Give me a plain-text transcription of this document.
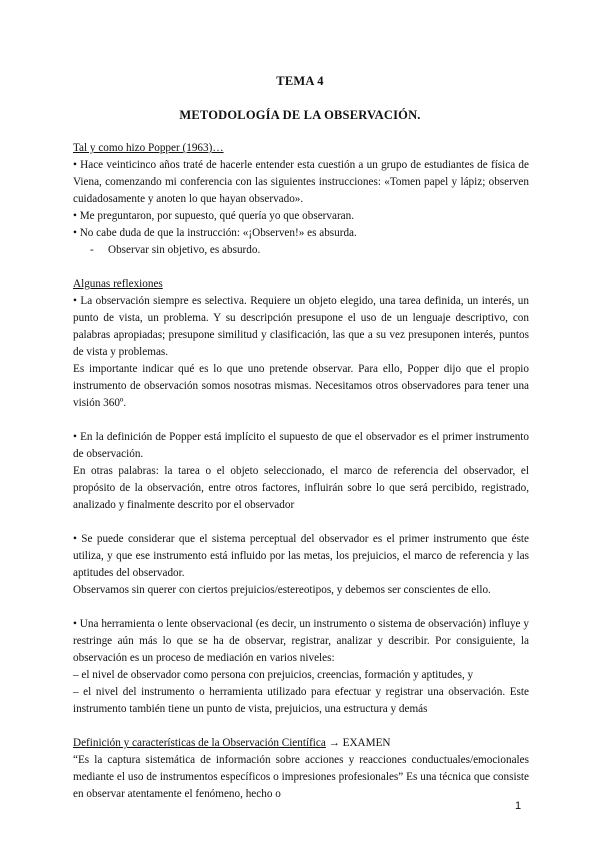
TEMA 4
METODOLOGÍA DE LA OBSERVACIÓN.

Tal y como hizo Popper (1963)…

• Hace veinticinco años traté de hacerle entender esta cuestión a un grupo de estudiantes de física de Viena, comenzando mi conferencia con las siguientes instrucciones: «Tomen papel y lápiz; observen cuidadosamente y anoten lo que hayan observado».

• Me preguntaron, por supuesto, qué quería yo que observaran.

• No cabe duda de que la instrucción: «¡Observen!» es absurda.

- Observar sin objetivo, es absurdo.

Algunas reflexiones

• La observación siempre es selectiva. Requiere un objeto elegido, una tarea definida, un interés, un punto de vista, un problema. Y su descripción presupone el uso de un lenguaje descriptivo, con palabras apropiadas; presupone similitud y clasificación, las que a su vez presuponen interés, puntos de vista y problemas.

Es importante indicar qué es lo que uno pretende observar. Para ello, Popper dijo que el propio instrumento de observación somos nosotras mismas. Necesitamos otros observadores para tener una visión 360º.

• En la definición de Popper está implícito el supuesto de que el observador es el primer instrumento de observación.

En otras palabras: la tarea o el objeto seleccionado, el marco de referencia del observador, el propósito de la observación, entre otros factores, influirán sobre lo que será percibido, registrado, analizado y finalmente descrito por el observador

• Se puede considerar que el sistema perceptual del observador es el primer instrumento que éste utiliza, y que ese instrumento está influido por las metas, los prejuicios, el marco de referencia y las aptitudes del observador.

Observamos sin querer con ciertos prejuicios/estereotipos, y debemos ser conscientes de ello.

• Una herramienta o lente observacional (es decir, un instrumento o sistema de observación) influye y restringe aún más lo que se ha de observar, registrar, analizar y describir. Por consiguiente, la observación es un proceso de mediación en varios niveles:

– el nivel de observador como persona con prejuicios, creencias, formación y aptitudes, y

– el nivel del instrumento o herramienta utilizado para efectuar y registrar una observación. Este instrumento también tiene un punto de vista, prejuicios, una estructura y demás

Definición y características de la Observación Científica → EXAMEN

“Es la captura sistemática de información sobre acciones y reacciones conductuales/emocionales mediante el uso de instrumentos específicos o impresiones profesionales” Es una técnica que consiste en observar atentamente el fenómeno, hecho o

1
